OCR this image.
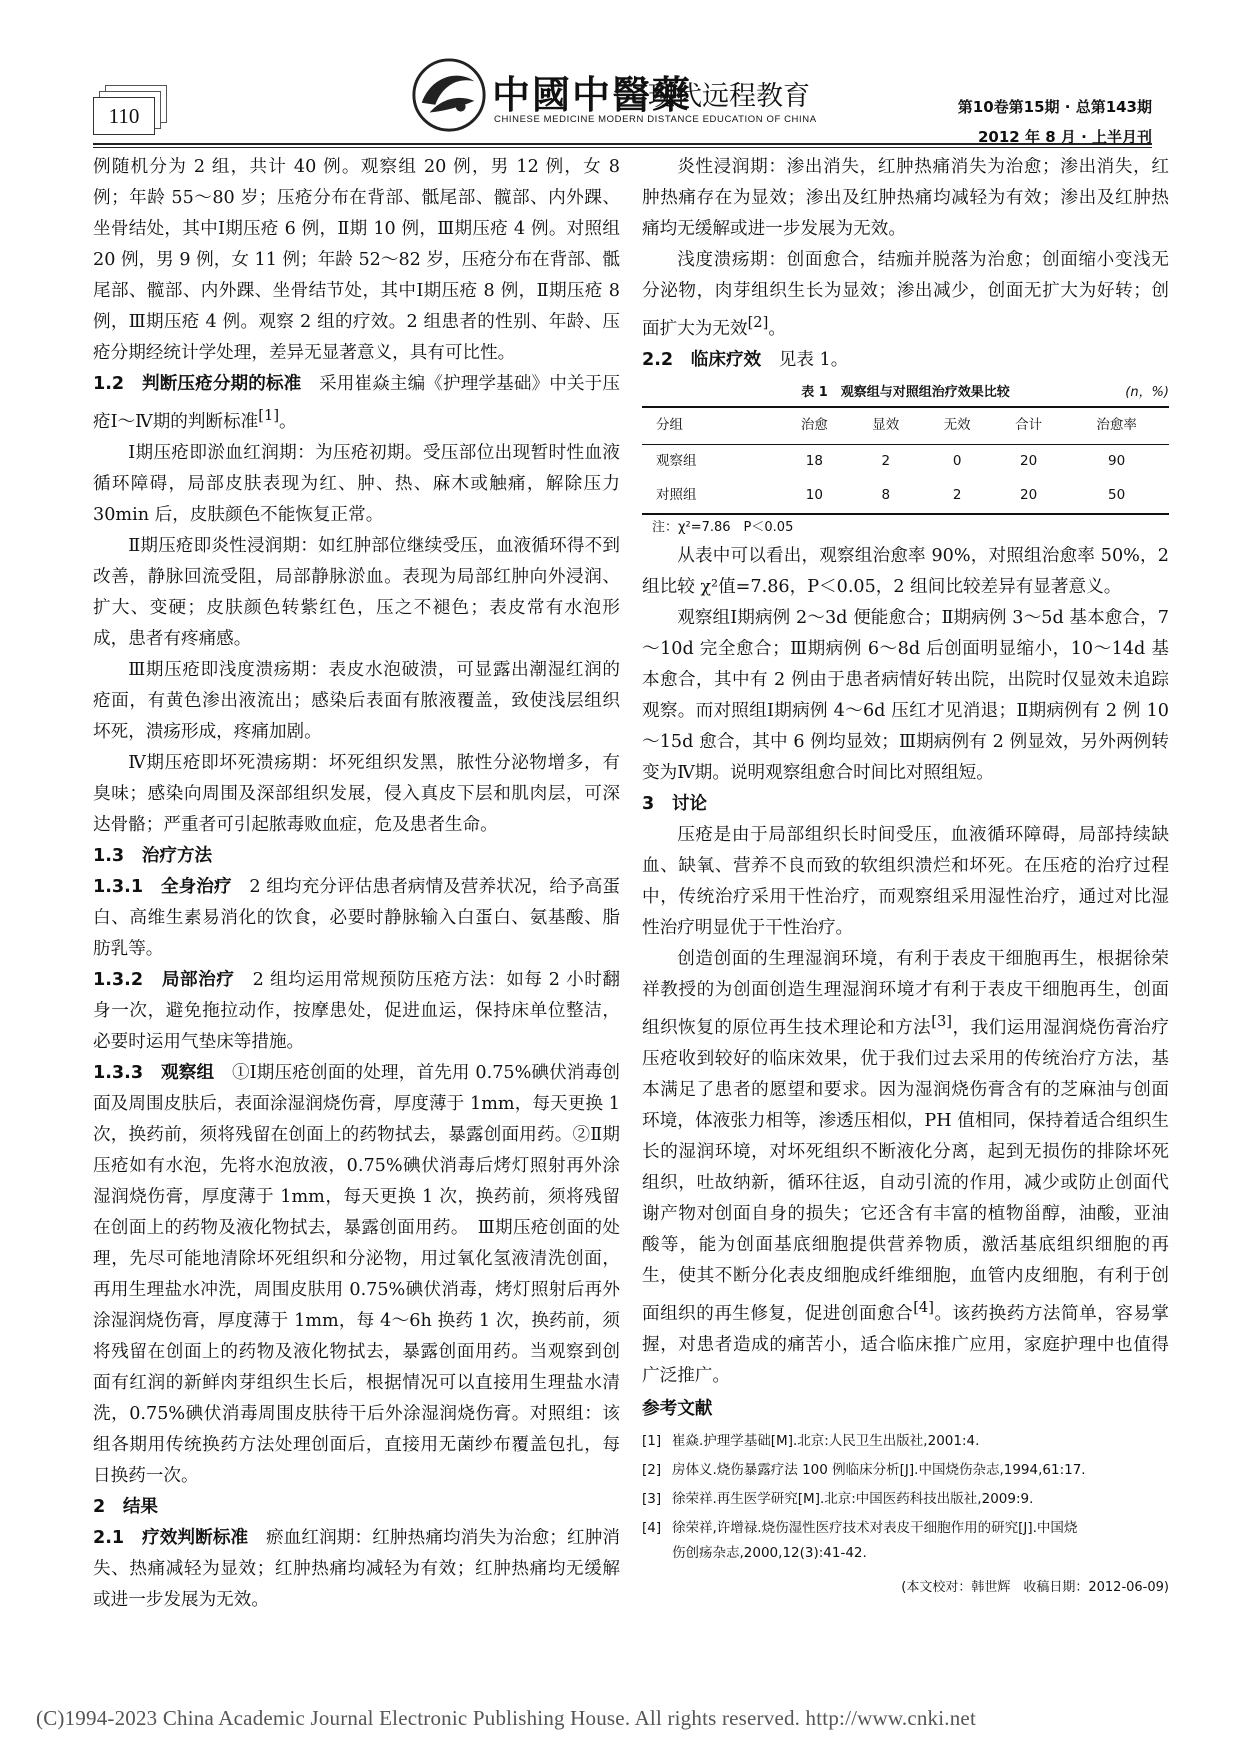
110	中國中醫藥
现代远程教育
CHINESE MEDICINE MODERN DISTANCE EDUCATION OF CHINA
第10卷第15期 · 总第143期
2012 年 8 月 · 上半月刊

例随机分为 2 组，共计 40 例。观察组 20 例，男 12 例，女 8 例；年龄 55～80 岁；压疮分布在背部、骶尾部、髋部、内外踝、坐骨结处，其中Ⅰ期压疮 6 例，Ⅱ期 10 例，Ⅲ期压疮 4 例。对照组 20 例，男 9 例，女 11 例；年龄 52～82 岁，压疮分布在背部、骶尾部、髋部、内外踝、坐骨结节处，其中Ⅰ期压疮 8 例，Ⅱ期压疮 8 例，Ⅲ期压疮 4 例。观察 2 组的疗效。2 组患者的性别、年龄、压疮分期经统计学处理，差异无显著意义，具有可比性。

1.2　判断压疮分期的标准　采用崔焱主编《护理学基础》中关于压疮Ⅰ～Ⅳ期的判断标准[1]。

Ⅰ期压疮即淤血红润期：为压疮初期。受压部位出现暂时性血液循环障碍，局部皮肤表现为红、肿、热、麻木或触痛，解除压力 30min 后，皮肤颜色不能恢复正常。

Ⅱ期压疮即炎性浸润期：如红肿部位继续受压，血液循环得不到改善，静脉回流受阻，局部静脉淤血。表现为局部红肿向外浸润、扩大、变硬；皮肤颜色转紫红色，压之不褪色；表皮常有水泡形成，患者有疼痛感。

Ⅲ期压疮即浅度溃疡期：表皮水泡破溃，可显露出潮湿红润的疮面，有黄色渗出液流出；感染后表面有脓液覆盖，致使浅层组织坏死，溃疡形成，疼痛加剧。

Ⅳ期压疮即坏死溃疡期：坏死组织发黑，脓性分泌物增多，有臭味；感染向周围及深部组织发展，侵入真皮下层和肌肉层，可深达骨骼；严重者可引起脓毒败血症，危及患者生命。

1.3　治疗方法

1.3.1　全身治疗　2 组均充分评估患者病情及营养状况，给予高蛋白、高维生素易消化的饮食，必要时静脉输入白蛋白、氨基酸、脂肪乳等。

1.3.2　局部治疗　2 组均运用常规预防压疮方法：如每 2 小时翻身一次，避免拖拉动作，按摩患处，促进血运，保持床单位整洁，必要时运用气垫床等措施。

1.3.3　观察组　①Ⅰ期压疮创面的处理，首先用 0.75%碘伏消毒创面及周围皮肤后，表面涂湿润烧伤膏，厚度薄于 1mm，每天更换 1 次，换药前，须将残留在创面上的药物拭去，暴露创面用药。②Ⅱ期压疮如有水泡，先将水泡放液，0.75%碘伏消毒后烤灯照射再外涂湿润烧伤膏，厚度薄于 1mm，每天更换 1 次，换药前，须将残留在创面上的药物及液化物拭去，暴露创面用药。　Ⅲ期压疮创面的处理，先尽可能地清除坏死组织和分泌物，用过氧化氢液清洗创面，再用生理盐水冲洗，周围皮肤用 0.75%碘伏消毒，烤灯照射后再外涂湿润烧伤膏，厚度薄于 1mm，每 4～6h 换药 1 次，换药前，须将残留在创面上的药物及液化物拭去，暴露创面用药。当观察到创面有红润的新鲜肉芽组织生长后，根据情况可以直接用生理盐水清洗，0.75%碘伏消毒周围皮肤待干后外涂湿润烧伤膏。对照组：该组各期用传统换药方法处理创面后，直接用无菌纱布覆盖包扎，每日换药一次。

2　结果

2.1　疗效判断标准　瘀血红润期：红肿热痛均消失为治愈；红肿消失、热痛减轻为显效；红肿热痛均减轻为有效；红肿热痛均无缓解或进一步发展为无效。

炎性浸润期：渗出消失，红肿热痛消失为治愈；渗出消失，红肿热痛存在为显效；渗出及红肿热痛均减轻为有效；渗出及红肿热痛均无缓解或进一步发展为无效。

浅度溃疡期：创面愈合，结痂并脱落为治愈；创面缩小变浅无分泌物，肉芽组织生长为显效；渗出减少，创面无扩大为好转；创面扩大为无效[2]。

2.2　临床疗效　见表 1。

表 1　观察组与对照组治疗效果比较	(n，%)
分组	治愈	显效	无效	合计	治愈率
观察组	18	2	0	20	90
对照组	10	8	2	20	50
注：χ²=7.86　P＜0.05

从表中可以看出，观察组治愈率 90%，对照组治愈率 50%，2 组比较 χ²值=7.86，P＜0.05，2 组间比较差异有显著意义。

观察组Ⅰ期病例 2～3d 便能愈合；Ⅱ期病例 3～5d 基本愈合，7～10d 完全愈合；Ⅲ期病例 6～8d 后创面明显缩小，10～14d 基本愈合，其中有 2 例由于患者病情好转出院，出院时仅显效未追踪观察。而对照组Ⅰ期病例 4～6d 压红才见消退；Ⅱ期病例有 2 例 10～15d 愈合，其中 6 例均显效；Ⅲ期病例有 2 例显效，另外两例转变为Ⅳ期。说明观察组愈合时间比对照组短。

3　讨论

压疮是由于局部组织长时间受压，血液循环障碍，局部持续缺血、缺氧、营养不良而致的软组织溃烂和坏死。在压疮的治疗过程中，传统治疗采用干性治疗，而观察组采用湿性治疗，通过对比湿性治疗明显优于干性治疗。

创造创面的生理湿润环境，有利于表皮干细胞再生，根据徐荣祥教授的为创面创造生理湿润环境才有利于表皮干细胞再生，创面组织恢复的原位再生技术理论和方法[3]，我们运用湿润烧伤膏治疗压疮收到较好的临床效果，优于我们过去采用的传统治疗方法，基本满足了患者的愿望和要求。因为湿润烧伤膏含有的芝麻油与创面环境，体液张力相等，渗透压相似，PH 值相同，保持着适合组织生长的湿润环境，对坏死组织不断液化分离，起到无损伤的排除坏死组织，吐故纳新，循环往返，自动引流的作用，减少或防止创面代谢产物对创面自身的损失；它还含有丰富的植物甾醇，油酸，亚油酸等，能为创面基底细胞提供营养物质，激活基底组织细胞的再生，使其不断分化表皮细胞成纤维细胞，血管内皮细胞，有利于创面组织的再生修复，促进创面愈合[4]。该药换药方法简单，容易掌握，对患者造成的痛苦小，适合临床推广应用，家庭护理中也值得广泛推广。

参考文献
[1] 崔焱.护理学基础[M].北京:人民卫生出版社,2001:4.
[2] 房体义.烧伤暴露疗法 100 例临床分析[J].中国烧伤杂志,1994,61:17.
[3] 徐荣祥.再生医学研究[M].北京:中国医药科技出版社,2009:9.
[4] 徐荣祥,许增禄.烧伤湿性医疗技术对表皮干细胞作用的研究[J].中国烧
伤创疡杂志,2000,12(3):41-42.
(本文校对：韩世辉　收稿日期：2012-06-09)
(C)1994-2023 China Academic Journal Electronic Publishing House. All rights reserved. http://www.cnki.net
